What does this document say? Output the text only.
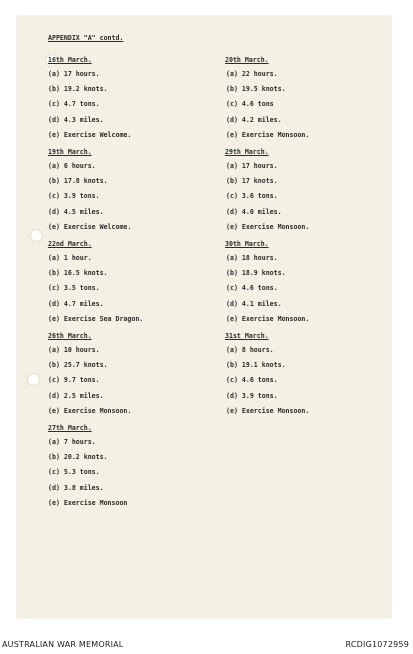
APPENDIX "A" contd.
16th March.
(a) 17 hours.
(b) 19.2 knots.
(c) 4.7 tons.
(d) 4.3 miles.
(e) Exercise Welcome.
19th March.
(a) 6 hours.
(b) 17.8 knots.
(c) 3.9 tons.
(d) 4.5 miles.
(e) Exercise Welcome.
22nd March.
(a) 1 hour.
(b) 16.5 knots.
(c) 3.5 tons.
(d) 4.7 miles.
(e) Exercise Sea Dragon.
26th March.
(a) 10 hours.
(b) 25.7 knots.
(c) 9.7 tons.
(d) 2.5 miles.
(e) Exercise Monsoon.
27th March.
(a) 7 hours.
(b) 20.2 knots.
(c) 5.3 tons.
(d) 3.8 miles.
(e) Exercise Monsoon
20th March.
(a) 22 hours.
(b) 19.5 knots.
(c) 4.6 tons
(d) 4.2 miles.
(e) Exercise Monsoon.
29th March.
(a) 17 hours.
(b) 17 knots.
(c) 3.6 tons.
(d) 4.0 miles.
(e) Exercise Monsoon.
30th March.
(a) 18 hours.
(b) 18.9 knots.
(c) 4.6 tons.
(d) 4.1 miles.
(e) Exercise Monsoon.
31st March.
(a) 8 hours.
(b) 19.1 knots.
(c) 4.6 tons.
(d) 3.9 tons.
(e) Exercise Monsoon.
AUSTRALIAN WAR MEMORIAL	RCDIG1072959
